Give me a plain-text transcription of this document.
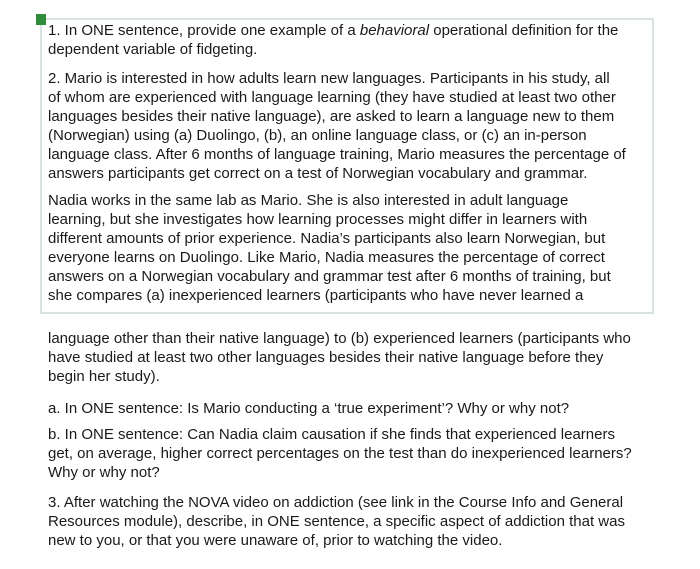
1. In ONE sentence, provide one example of a behavioral operational definition for the
dependent variable of fidgeting.
2. Mario is interested in how adults learn new languages. Participants in his study, all
of whom are experienced with language learning (they have studied at least two other
languages besides their native language), are asked to learn a language new to them
(Norwegian) using (a) Duolingo, (b), an online language class, or (c) an in-person
language class. After 6 months of language training, Mario measures the percentage of
answers participants get correct on a test of Norwegian vocabulary and grammar.
Nadia works in the same lab as Mario. She is also interested in adult language
learning, but she investigates how learning processes might differ in learners with
different amounts of prior experience. Nadia’s participants also learn Norwegian, but
everyone learns on Duolingo. Like Mario, Nadia measures the percentage of correct
answers on a Norwegian vocabulary and grammar test after 6 months of training, but
she compares (a) inexperienced learners (participants who have never learned a
language other than their native language) to (b) experienced learners (participants who
have studied at least two other languages besides their native language before they
begin her study).
a. In ONE sentence: Is Mario conducting a ‘true experiment’? Why or why not?
b. In ONE sentence: Can Nadia claim causation if she finds that experienced learners
get, on average, higher correct percentages on the test than do inexperienced learners?
Why or why not?
3. After watching the NOVA video on addiction (see link in the Course Info and General
Resources module), describe, in ONE sentence, a specific aspect of addiction that was
new to you, or that you were unaware of, prior to watching the video.
